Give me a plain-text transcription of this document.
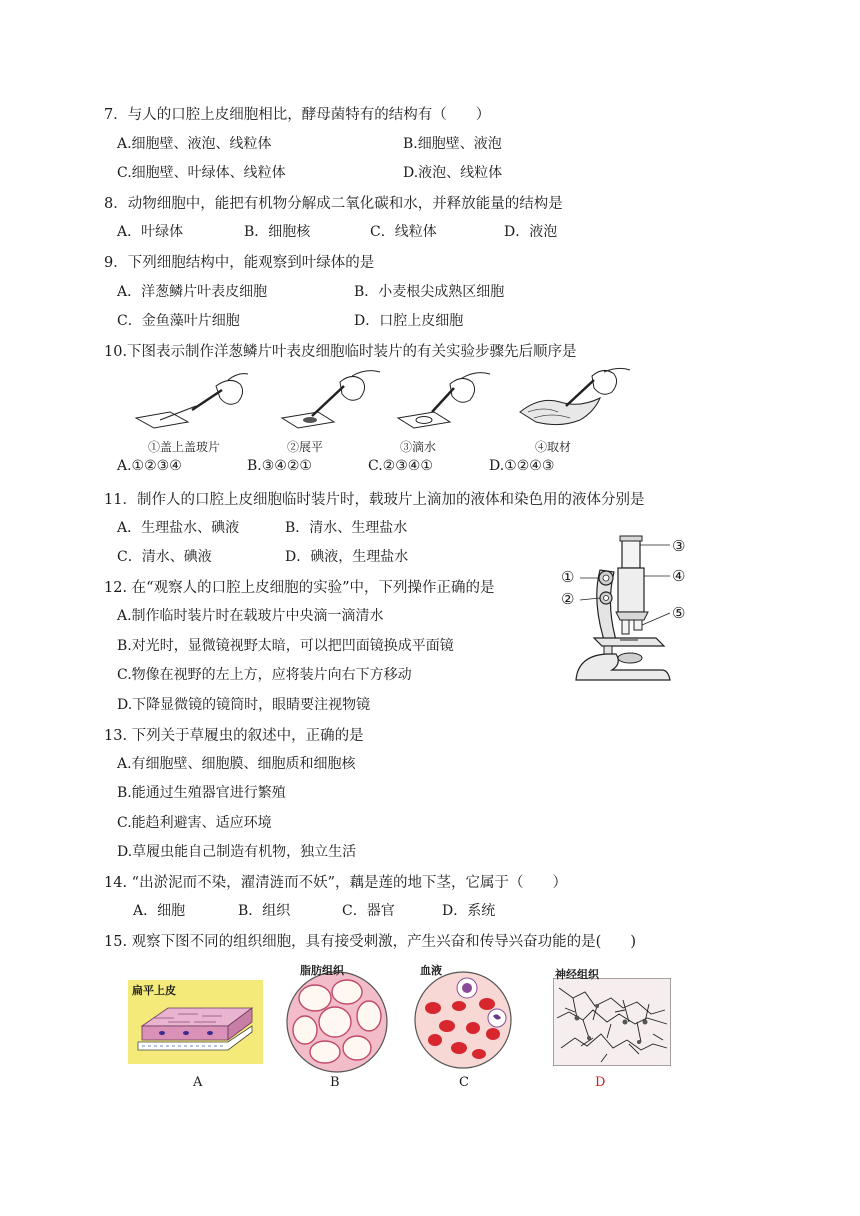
7．与人的口腔上皮细胞相比，酵母菌特有的结构有（　　）
A.细胞壁、液泡、线粒体	B.细胞壁、液泡
C.细胞壁、叶绿体、线粒体	D.液泡、线粒体
8．动物细胞中，能把有机物分解成二氧化碳和水，并释放能量的结构是
A．叶绿体	B．细胞核	C．线粒体	D．液泡
9．下列细胞结构中，能观察到叶绿体的是
A．洋葱鳞片叶表皮细胞	B．小麦根尖成熟区细胞
C．金鱼藻叶片细胞	D．口腔上皮细胞
10.下图表示制作洋葱鳞片叶表皮细胞临时装片的有关实验步骤先后顺序是
①盖上盖玻片	②展平	③滴水	④取材
A.①②③④	B.③④②①	C.②③④①	D.①②④③
11．制作人的口腔上皮细胞临时装片时，载玻片上滴加的液体和染色用的液体分别是
A．生理盐水、碘液	B．清水、生理盐水
C．清水、碘液	D．碘液，生理盐水
12. 在“观察人的口腔上皮细胞的实验”中，下列操作正确的是
A.制作临时装片时在载玻片中央滴一滴清水
B.对光时，显微镜视野太暗，可以把凹面镜换成平面镜
C.物像在视野的左上方，应将装片向右下方移动
D.下降显微镜的镜筒时，眼睛要注视物镜
①
②
③
④
⑤
13. 下列关于草履虫的叙述中，正确的是
A.有细胞壁、细胞膜、细胞质和细胞核
B.能通过生殖器官进行繁殖
C.能趋利避害、适应环境
D.草履虫能自己制造有机物，独立生活
14. “出淤泥而不染，濯清涟而不妖”，藕是莲的地下茎，它属于（　　）
A．细胞	B．组织	C．器官	D．系统
15. 观察下图不同的组织细胞，具有接受刺激，产生兴奋和传导兴奋功能的是(　　)
扁平上皮
脂肪组织	血液	神经组织
A	B	C	D
